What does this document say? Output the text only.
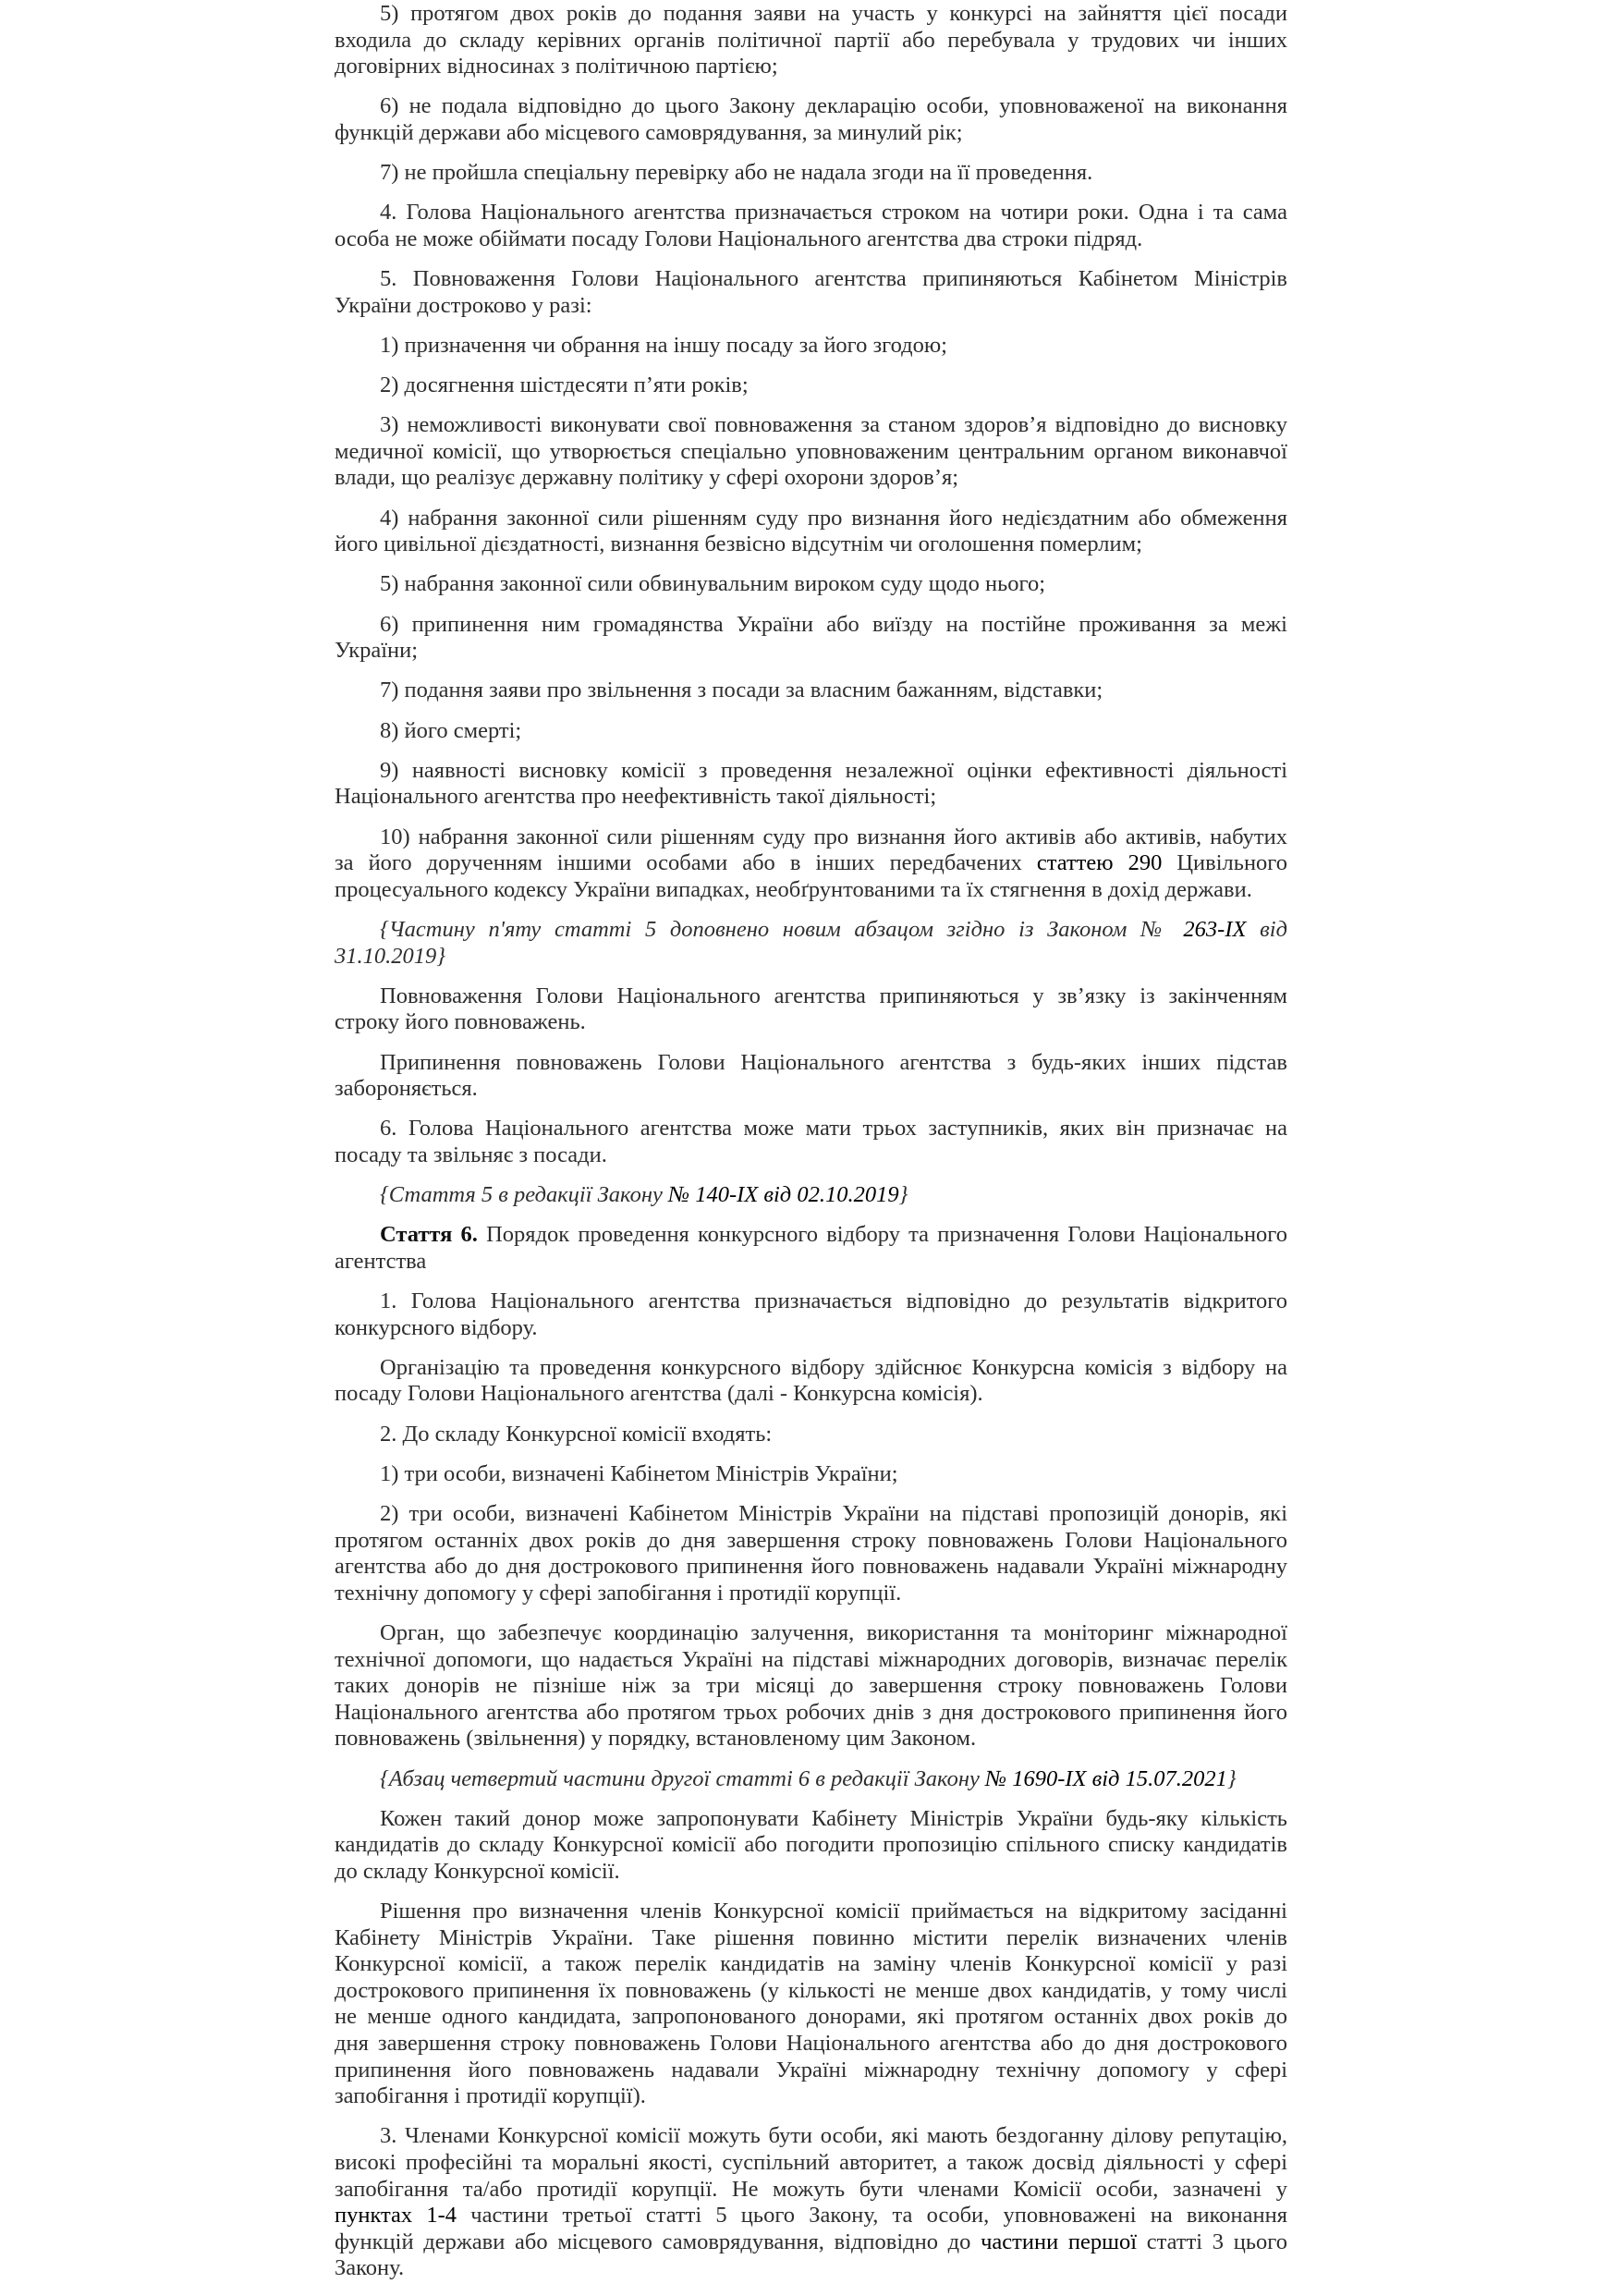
5) протягом двох років до подання заяви на участь у конкурсі на зайняття цієї посади
входила до складу керівних органів політичної партії або перебувала у трудових чи інших
договірних відносинах з політичною партією;
6) не подала відповідно до цього Закону декларацію особи, уповноваженої на виконання
функцій держави або місцевого самоврядування, за минулий рік;
7) не пройшла спеціальну перевірку або не надала згоди на її проведення.
4. Голова Національного агентства призначається строком на чотири роки. Одна і та сама
особа не може обіймати посаду Голови Національного агентства два строки підряд.
5. Повноваження Голови Національного агентства припиняються Кабінетом Міністрів
України достроково у разі:
1) призначення чи обрання на іншу посаду за його згодою;
2) досягнення шістдесяти п’яти років;
3) неможливості виконувати свої повноваження за станом здоров’я відповідно до висновку
медичної комісії, що утворюється спеціально уповноваженим центральним органом виконавчої
влади, що реалізує державну політику у сфері охорони здоров’я;
4) набрання законної сили рішенням суду про визнання його недієздатним або обмеження
його цивільної дієздатності, визнання безвісно відсутнім чи оголошення померлим;
5) набрання законної сили обвинувальним вироком суду щодо нього;
6) припинення ним громадянства України або виїзду на постійне проживання за межі
України;
7) подання заяви про звільнення з посади за власним бажанням, відставки;
8) його смерті;
9) наявності висновку комісії з проведення незалежної оцінки ефективності діяльності
Національного агентства про неефективність такої діяльності;
10) набрання законної сили рішенням суду про визнання його активів або активів, набутих
за його дорученням іншими особами або в інших передбачених статтею 290 Цивільного
процесуального кодексу України випадках, необґрунтованими та їх стягнення в дохід держави.
{Частину п'яту статті 5 доповнено новим абзацом згідно із Законом № 263-IX від
31.10.2019}
Повноваження Голови Національного агентства припиняються у зв’язку із закінченням
строку його повноважень.
Припинення повноважень Голови Національного агентства з будь-яких інших підстав
забороняється.
6. Голова Національного агентства може мати трьох заступників, яких він призначає на
посаду та звільняє з посади.
{Стаття 5 в редакції Закону № 140-IX від 02.10.2019}
Стаття 6. Порядок проведення конкурсного відбору та призначення Голови Національного
агентства
1. Голова Національного агентства призначається відповідно до результатів відкритого
конкурсного відбору.
Організацію та проведення конкурсного відбору здійснює Конкурсна комісія з відбору на
посаду Голови Національного агентства (далі - Конкурсна комісія).
2. До складу Конкурсної комісії входять:
1) три особи, визначені Кабінетом Міністрів України;
2) три особи, визначені Кабінетом Міністрів України на підставі пропозицій донорів, які
протягом останніх двох років до дня завершення строку повноважень Голови Національного
агентства або до дня дострокового припинення його повноважень надавали Україні міжнародну
технічну допомогу у сфері запобігання і протидії корупції.
Орган, що забезпечує координацію залучення, використання та моніторинг міжнародної
технічної допомоги, що надається Україні на підставі міжнародних договорів, визначає перелік
таких донорів не пізніше ніж за три місяці до завершення строку повноважень Голови
Національного агентства або протягом трьох робочих днів з дня дострокового припинення його
повноважень (звільнення) у порядку, встановленому цим Законом.
{Абзац четвертий частини другої статті 6 в редакції Закону № 1690-IX від 15.07.2021}
Кожен такий донор може запропонувати Кабінету Міністрів України будь-яку кількість
кандидатів до складу Конкурсної комісії або погодити пропозицію спільного списку кандидатів
до складу Конкурсної комісії.
Рішення про визначення членів Конкурсної комісії приймається на відкритому засіданні
Кабінету Міністрів України. Таке рішення повинно містити перелік визначених членів
Конкурсної комісії, а також перелік кандидатів на заміну членів Конкурсної комісії у разі
дострокового припинення їх повноважень (у кількості не менше двох кандидатів, у тому числі
не менше одного кандидата, запропонованого донорами, які протягом останніх двох років до
дня завершення строку повноважень Голови Національного агентства або до дня дострокового
припинення його повноважень надавали Україні міжнародну технічну допомогу у сфері
запобігання і протидії корупції).
3. Членами Конкурсної комісії можуть бути особи, які мають бездоганну ділову репутацію,
високі професійні та моральні якості, суспільний авторитет, а також досвід діяльності у сфері
запобігання та/або протидії корупції. Не можуть бути членами Комісії особи, зазначені у
пунктах 1-4 частини третьої статті 5 цього Закону, та особи, уповноважені на виконання
функцій держави або місцевого самоврядування, відповідно до частини першої статті 3 цього
Закону.
